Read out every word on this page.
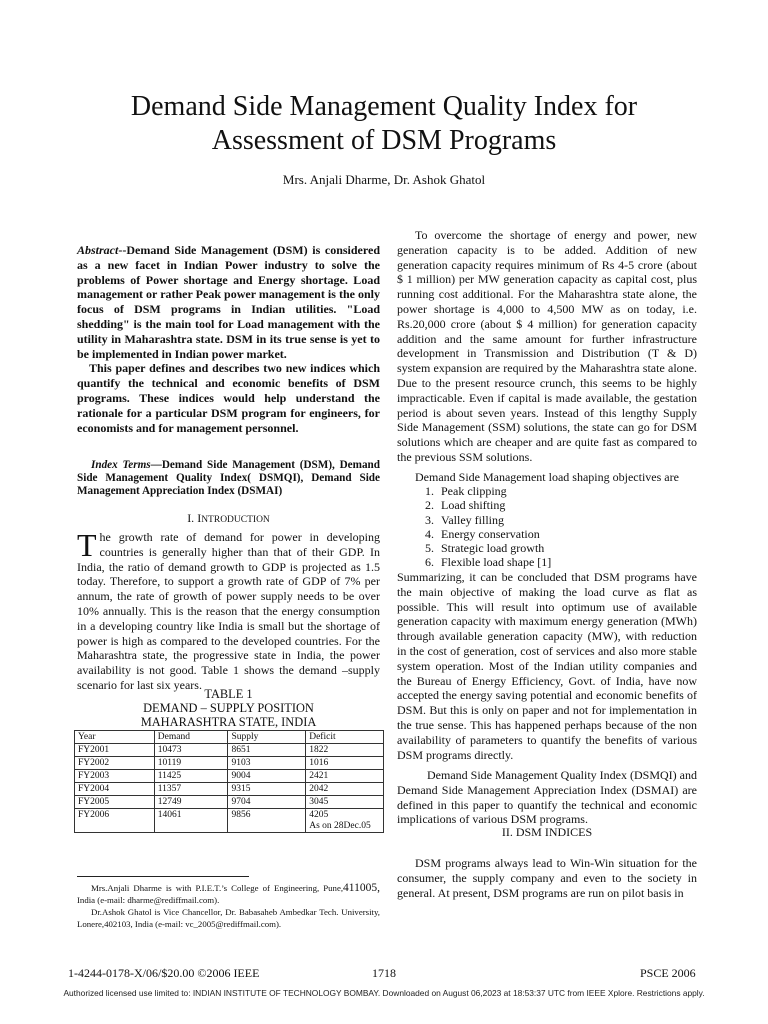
Demand Side Management Quality Index for
Assessment of DSM Programs
Mrs. Anjali Dharme, Dr. Ashok Ghatol

Abstract--Demand Side Management (DSM) is considered as a new facet in Indian Power industry to solve the problems of Power shortage and Energy shortage. Load management or rather Peak power management is the only focus of DSM programs in Indian utilities. "Load shedding" is the main tool for Load management with the utility in Maharashtra state. DSM in its true sense is yet to be implemented in Indian power market.

This paper defines and describes two new indices which quantify the technical and economic benefits of DSM programs. These indices would help understand the rationale for a particular DSM program for engineers, for economists and for management personnel.

Index Terms—Demand Side Management (DSM), Demand Side Management Quality Index( DSMQI), Demand Side Management Appreciation Index (DSMAI)
I. INTRODUCTION
The growth rate of demand for power in developing countries is generally higher than that of their GDP. In India, the ratio of demand growth to GDP is projected as 1.5 today. Therefore, to support a growth rate of GDP of 7% per annum, the rate of growth of power supply needs to be over 10% annually. This is the reason that the energy consumption in a developing country like India is small but the shortage of power is high as compared to the developed countries. For the Maharashtra state, the progressive state in India, the power availability is not good. Table 1 shows the demand –supply scenario for last six years.
TABLE 1
DEMAND – SUPPLY POSITION
MAHARASHTRA STATE, INDIA
Year	Demand	Supply	Deficit
FY2001	10473	8651	1822
FY2002	10119	9103	1016
FY2003	11425	9004	2421
FY2004	11357	9315	2042
FY2005	12749	9704	3045
FY2006	14061	9856	4205
As on 28Dec.05

Mrs.Anjali Dharme is with P.I.E.T.’s College of Engineering, Pune,411005, India (e-mail: dharme@rediffmail.com).

Dr.Ashok Ghatol is Vice Chancellor, Dr. Babasaheb Ambedkar Tech. University, Lonere,402103, India (e-mail: vc_2005@rediffmail.com).

To overcome the shortage of energy and power, new generation capacity is to be added. Addition of new generation capacity requires minimum of Rs 4-5 crore (about $ 1 million) per MW generation capacity as capital cost, plus running cost additional. For the Maharashtra state alone, the power shortage is 4,000 to 4,500 MW as on today, i.e. Rs.20,000 crore (about $ 4 million) for generation capacity addition and the same amount for further infrastructure development in Transmission and Distribution (T & D) system expansion are required by the Maharashtra state alone. Due to the present resource crunch, this seems to be highly impracticable. Even if capital is made available, the gestation period is about seven years. Instead of this lengthy Supply Side Management (SSM) solutions, the state can go for DSM solutions which are cheaper and are quite fast as compared to the previous SSM solutions.
Demand Side Management load shaping objectives are
1. Peak clipping
2. Load shifting
3. Valley filling
4. Energy conservation
5. Strategic load growth
6. Flexible load shape [1]
Summarizing, it can be concluded that DSM programs have the main objective of making the load curve as flat as possible. This will result into optimum use of available generation capacity with maximum energy generation (MWh) through available generation capacity (MW), with reduction in the cost of generation, cost of services and also more stable system operation. Most of the Indian utility companies and the Bureau of Energy Efficiency, Govt. of India, have now accepted the energy saving potential and economic benefits of DSM. But this is only on paper and not for implementation in the true sense. This has happened perhaps because of the non availability of parameters to quantify the benefits of various DSM programs directly.
Demand Side Management Quality Index (DSMQI) and Demand Side Management Appreciation Index (DSMAI) are defined in this paper to quantify the technical and economic implications of various DSM programs.
II. DSM INDICES
DSM programs always lead to Win-Win situation for the consumer, the supply company and even to the society in general. At present, DSM programs are run on pilot basis in
1-4244-0178-X/06/$20.00 ©2006 IEEE	1718	PSCE 2006
Authorized licensed use limited to: INDIAN INSTITUTE OF TECHNOLOGY BOMBAY. Downloaded on August 06,2023 at 18:53:37 UTC from IEEE Xplore. Restrictions apply.
